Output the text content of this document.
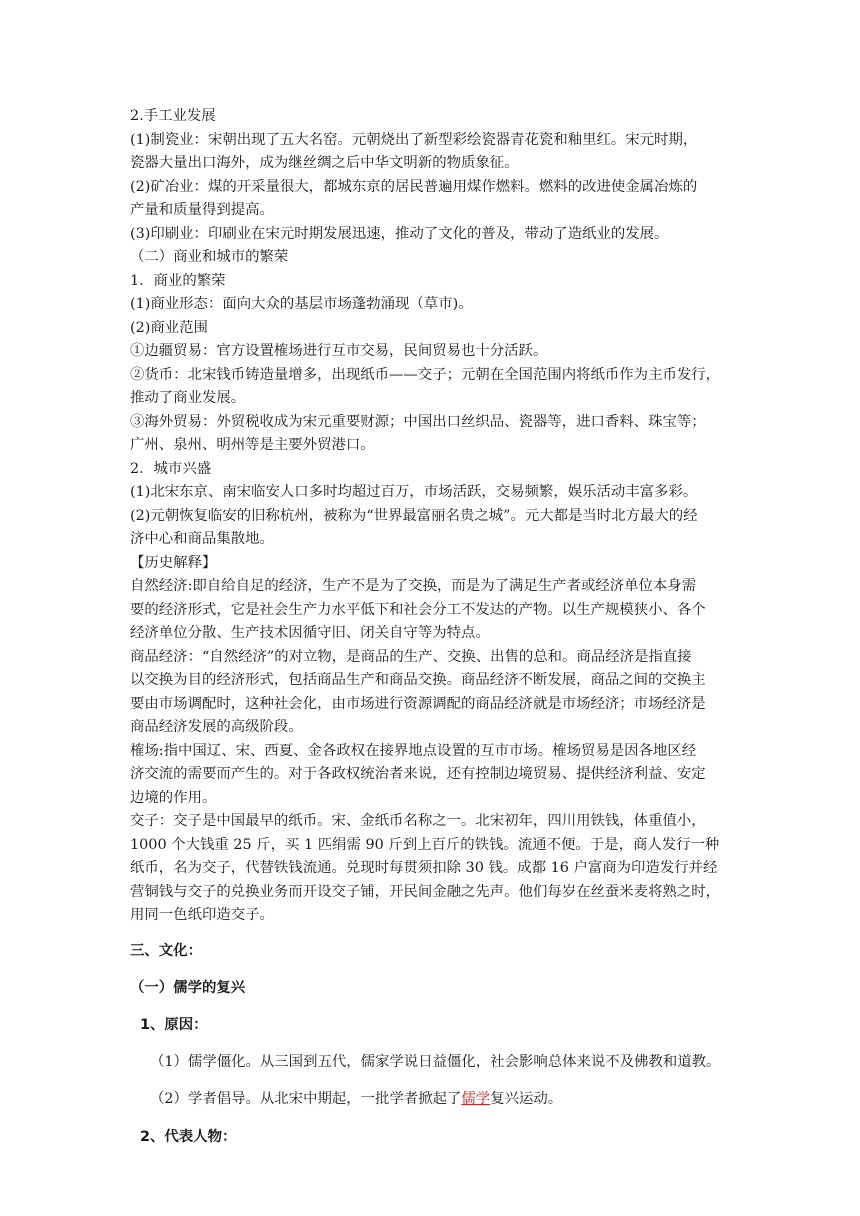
2.手工业发展
(1)制瓷业：宋朝出现了五大名窑。元朝烧出了新型彩绘瓷器青花瓷和釉里红。宋元时期，
瓷器大量出口海外，成为继丝绸之后中华文明新的物质象征。
(2)矿冶业：煤的开采量很大，都城东京的居民普遍用煤作燃料。燃料的改进使金属冶炼的
产量和质量得到提高。
(3)印刷业：印刷业在宋元时期发展迅速，推动了文化的普及，带动了造纸业的发展。
（二）商业和城市的繁荣
1．商业的繁荣
(1)商业形态：面向大众的基层市场蓬勃涌现（草市)。
(2)商业范围
①边疆贸易：官方设置榷场进行互市交易，民间贸易也十分活跃。
②货币：北宋钱币铸造量增多，出现纸币——交子；元朝在全国范围内将纸币作为主币发行，
推动了商业发展。
③海外贸易：外贸税收成为宋元重要财源；中国出口丝织品、瓷器等，进口香料、珠宝等；
广州、泉州、明州等是主要外贸港口。
2．城市兴盛
(1)北宋东京、南宋临安人口多时均超过百万，市场活跃，交易频繁，娱乐活动丰富多彩。
(2)元朝恢复临安的旧称杭州，被称为“世界最富丽名贵之城”。元大都是当时北方最大的经
济中心和商品集散地。
【历史解释】
自然经济:即自给自足的经济，生产不是为了交换，而是为了满足生产者或经济单位本身需
要的经济形式，它是社会生产力水平低下和社会分工不发达的产物。以生产规模狭小、各个
经济单位分散、生产技术因循守旧、闭关自守等为特点。
商品经济：“自然经济”的对立物，是商品的生产、交换、出售的总和。商品经济是指直接
以交换为目的经济形式，包括商品生产和商品交换。商品经济不断发展，商品之间的交换主
要由市场调配时，这种社会化，由市场进行资源调配的商品经济就是市场经济；市场经济是
商品经济发展的高级阶段。
榷场:指中国辽、宋、西夏、金各政权在接界地点设置的互市市场。榷场贸易是因各地区经
济交流的需要而产生的。对于各政权统治者来说，还有控制边境贸易、提供经济利益、安定
边境的作用。
交子：交子是中国最早的纸币。宋、金纸币名称之一。北宋初年，四川用铁钱，体重值小，
1000 个大钱重 25 斤，买 1 匹绢需 90 斤到上百斤的铁钱。流通不便。于是，商人发行一种
纸币，名为交子，代替铁钱流通。兑现时每贯须扣除 30 钱。成都 16 户富商为印造发行并经
营铜钱与交子的兑换业务而开设交子铺，开民间金融之先声。他们每岁在丝蚕米麦将熟之时，
用同一色纸印造交子。
三、文化：
（一）儒学的复兴
1、原因：
（1）儒学僵化。从三国到五代，儒家学说日益僵化，社会影响总体来说不及佛教和道教。
（2）学者倡导。从北宋中期起，一批学者掀起了儒学复兴运动。
2、代表人物：
